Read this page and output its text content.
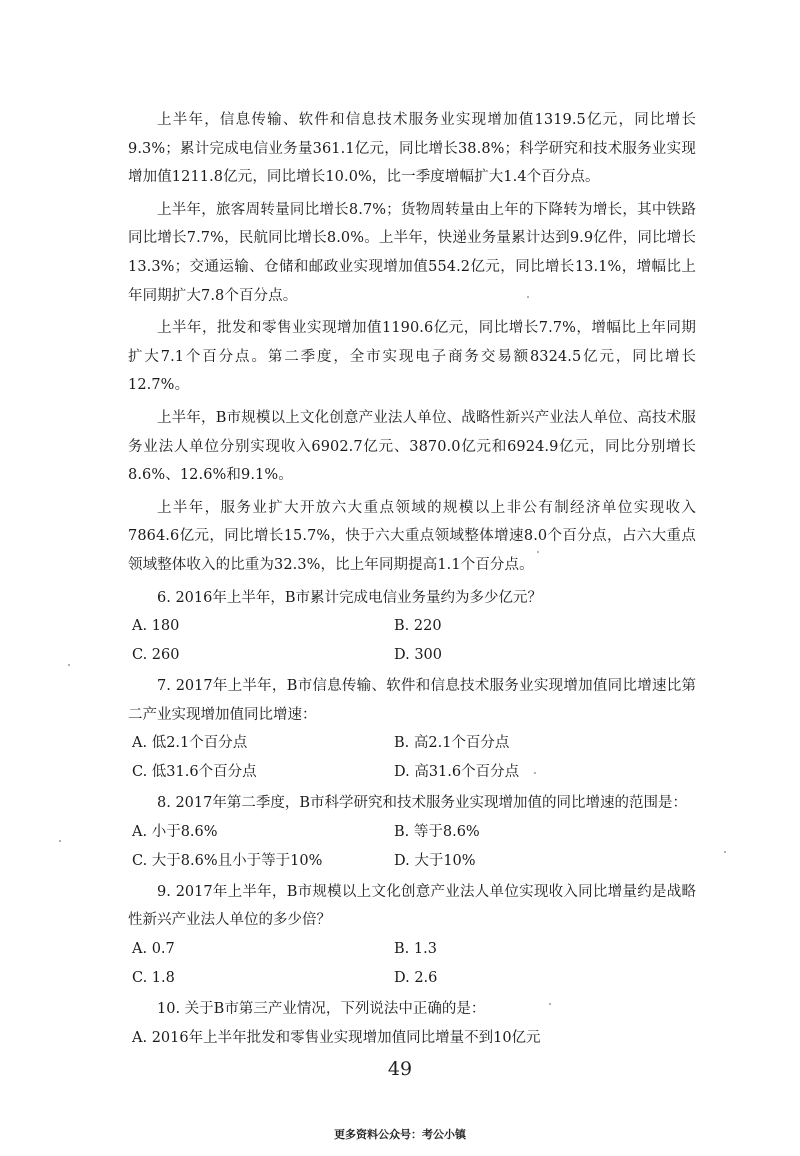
上半年，信息传输、软件和信息技术服务业实现增加值1319.5亿元，同比增长9.3%；累计完成电信业务量361.1亿元，同比增长38.8%；科学研究和技术服务业实现增加值1211.8亿元，同比增长10.0%，比一季度增幅扩大1.4个百分点。

上半年，旅客周转量同比增长8.7%；货物周转量由上年的下降转为增长，其中铁路同比增长7.7%，民航同比增长8.0%。上半年，快递业务量累计达到9.9亿件，同比增长13.3%；交通运输、仓储和邮政业实现增加值554.2亿元，同比增长13.1%，增幅比上年同期扩大7.8个百分点。

上半年，批发和零售业实现增加值1190.6亿元，同比增长7.7%，增幅比上年同期扩大7.1个百分点。第二季度，全市实现电子商务交易额8324.5亿元，同比增长12.7%。

上半年，B市规模以上文化创意产业法人单位、战略性新兴产业法人单位、高技术服务业法人单位分别实现收入6902.7亿元、3870.0亿元和6924.9亿元，同比分别增长8.6%、12.6%和9.1%。

上半年，服务业扩大开放六大重点领域的规模以上非公有制经济单位实现收入7864.6亿元，同比增长15.7%，快于六大重点领域整体增速8.0个百分点，占六大重点领域整体收入的比重为32.3%，比上年同期提高1.1个百分点。

6. 2016年上半年，B市累计完成电信业务量约为多少亿元？

A. 180	B. 220
C. 260	D. 300

7. 2017年上半年，B市信息传输、软件和信息技术服务业实现增加值同比增速比第二产业实现增加值同比增速：

A. 低2.1个百分点	B. 高2.1个百分点
C. 低31.6个百分点	D. 高31.6个百分点

8. 2017年第二季度，B市科学研究和技术服务业实现增加值的同比增速的范围是：

A. 小于8.6%	B. 等于8.6%
C. 大于8.6%且小于等于10%	D. 大于10%

9. 2017年上半年，B市规模以上文化创意产业法人单位实现收入同比增量约是战略性新兴产业法人单位的多少倍？

A. 0.7	B. 1.3
C. 1.8	D. 2.6

10. 关于B市第三产业情况，下列说法中正确的是：

A. 2016年上半年批发和零售业实现增加值同比增量不到10亿元

49
更多资料公众号：考公小镇
